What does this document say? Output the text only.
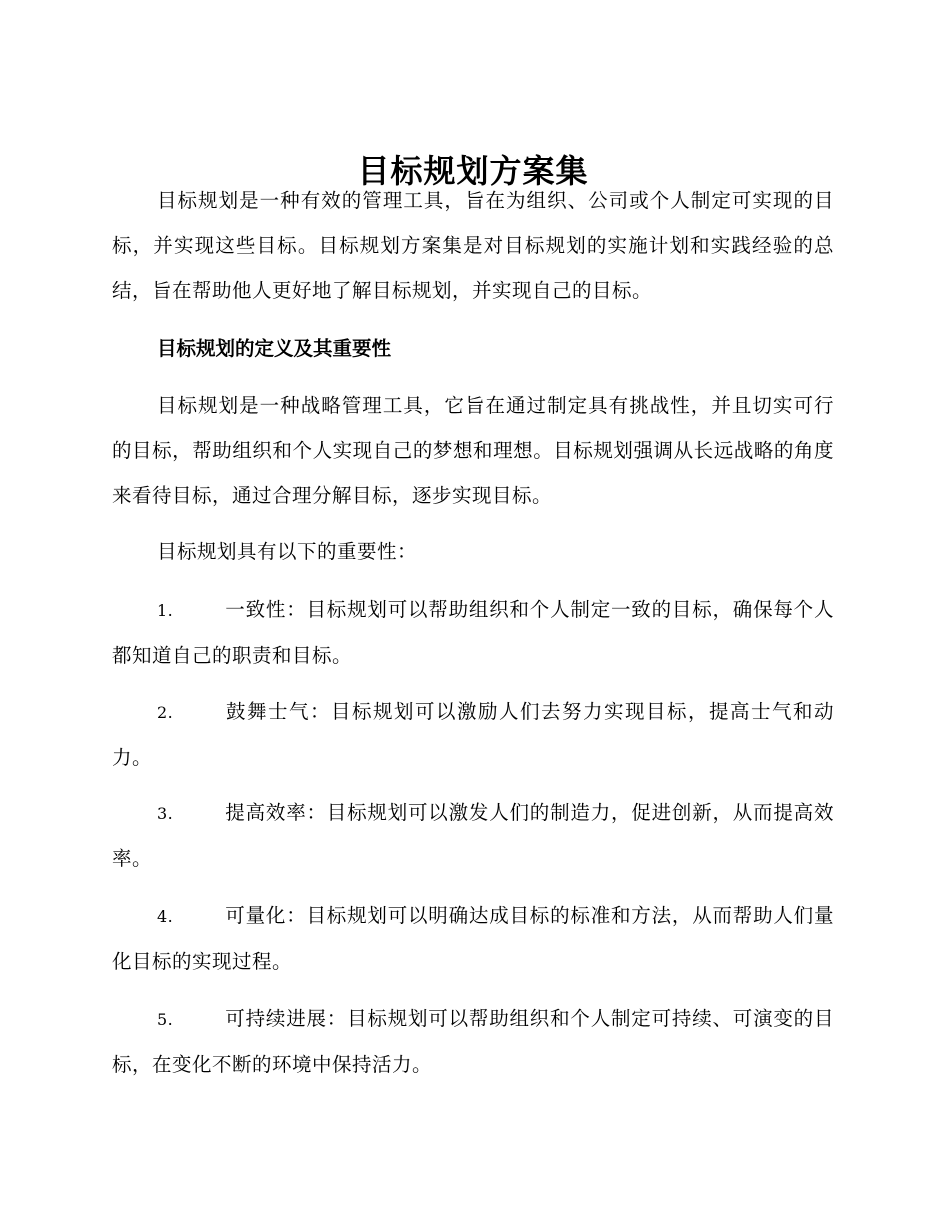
目标规划方案集

目标规划是一种有效的管理工具，旨在为组织、公司或个人制定可实现的目标，并实现这些目标。目标规划方案集是对目标规划的实施计划和实践经验的总结，旨在帮助他人更好地了解目标规划，并实现自己的目标。

目标规划的定义及其重要性

目标规划是一种战略管理工具，它旨在通过制定具有挑战性，并且切实可行的目标，帮助组织和个人实现自己的梦想和理想。目标规划强调从长远战略的角度来看待目标，通过合理分解目标，逐步实现目标。

目标规划具有以下的重要性：

1.	一致性：目标规划可以帮助组织和个人制定一致的目标，确保每个人都知道自己的职责和目标。

2.	鼓舞士气：目标规划可以激励人们去努力实现目标，提高士气和动力。

3.	提高效率：目标规划可以激发人们的制造力，促进创新，从而提高效率。

4.	可量化：目标规划可以明确达成目标的标准和方法，从而帮助人们量化目标的实现过程。

5.	可持续进展：目标规划可以帮助组织和个人制定可持续、可演变的目标，在变化不断的环境中保持活力。
